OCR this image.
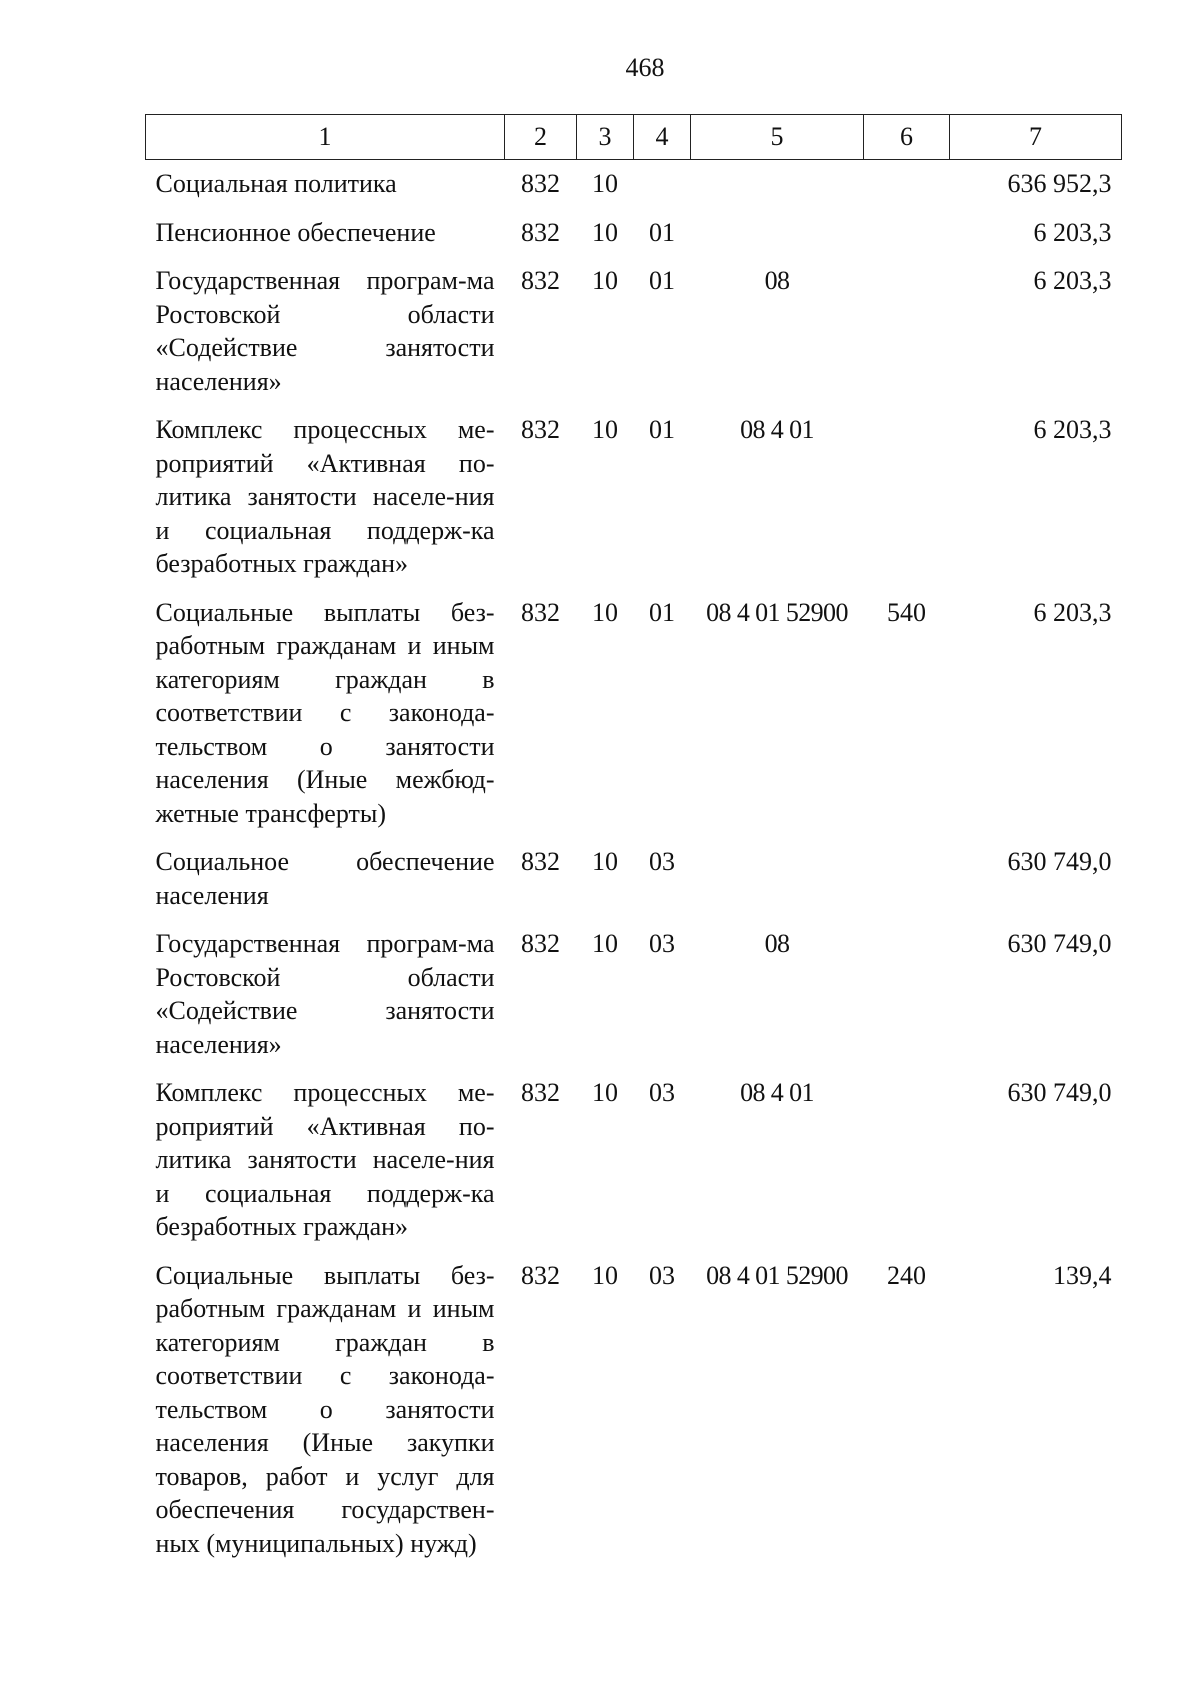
468
1	2	3	4	5	6	7
Социальная политика	832	10				636 952,3
Пенсионное обеспечение	832	10	01			6 203,3
Государственная програм-ма Ростовской области «Содействие занятости населения»	832	10	01	08		6 203,3
Комплекс процессных ме-роприятий «Активная по-литика занятости населе-ния и социальная поддерж-ка безработных граждан»	832	10	01	08 4 01		6 203,3
Социальные выплаты без-работным гражданам и иным категориям граждан в соответствии с законода-тельством о занятости населения (Иные межбюд-жетные трансферты)	832	10	01	08 4 01 52900	540	6 203,3
Социальное обеспечение населения	832	10	03			630 749,0
Государственная програм-ма Ростовской области «Содействие занятости населения»	832	10	03	08		630 749,0
Комплекс процессных ме-роприятий «Активная по-литика занятости населе-ния и социальная поддерж-ка безработных граждан»	832	10	03	08 4 01		630 749,0
Социальные выплаты без-работным гражданам и иным категориям граждан в соответствии с законода-тельством о занятости населения (Иные закупки товаров, работ и услуг для обеспечения государствен-ных (муниципальных) нужд)	832	10	03	08 4 01 52900	240	139,4
